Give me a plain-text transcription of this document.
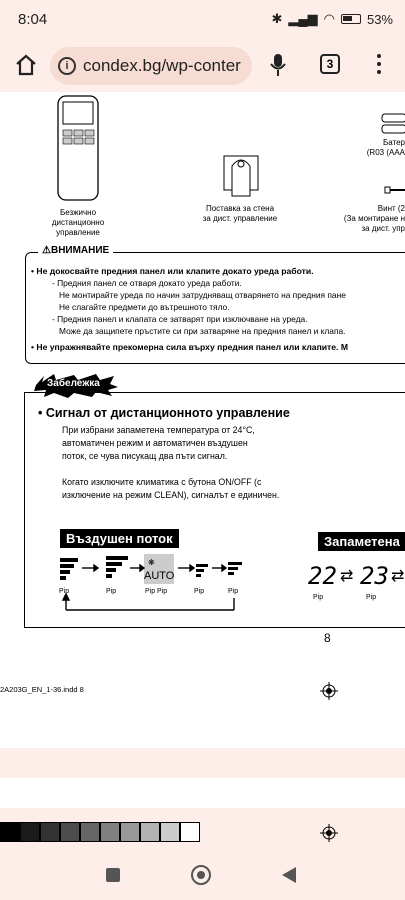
8:04	✱ ▂▄▆ ◠ 53%
i condex.bg/wp-conter	3
Безжично
дистанционно
управление
Поставка за стена
за дист. управление
Батер
(R03 (AAA
Винт (2
(За монтиране н
за дист. упр
⚠ВНИМАНИЕ
• Не докосвайте предния панел или клапите докато уреда работи.
- Предния панел се отваря докато уреда работи.
Не монтирайте уреда по начин затрудняващ отварянето на предния пане
Не слагайте предмети до вътрешното тяло.
- Предния панел и клапата се затварят при изключване на уреда.
Може да защипете пръстите си при затваряне на предния панел и клапа.
• Не упражнявайте прекомерна сила върху предния панел или клапите. М
Забележка
• Сигнал от дистанционното управление
При избрани запаметена температура от 24°C,
автоматичен режим и автоматичен въздушен
поток, се чува писукащ два пъти сигнал.
Когато изключите климатика с бутона ON/OFF (с
изключение на режим CLEAN), сигналът е единичен.
Въздушен поток	Запаметена
❋
AUTO
Pip	Pip	Pip Pip	Pip	Pip
22 ⇄ 23 ⇄
Pip	Pip
8
2A203G_EN_1-36.indd 8
